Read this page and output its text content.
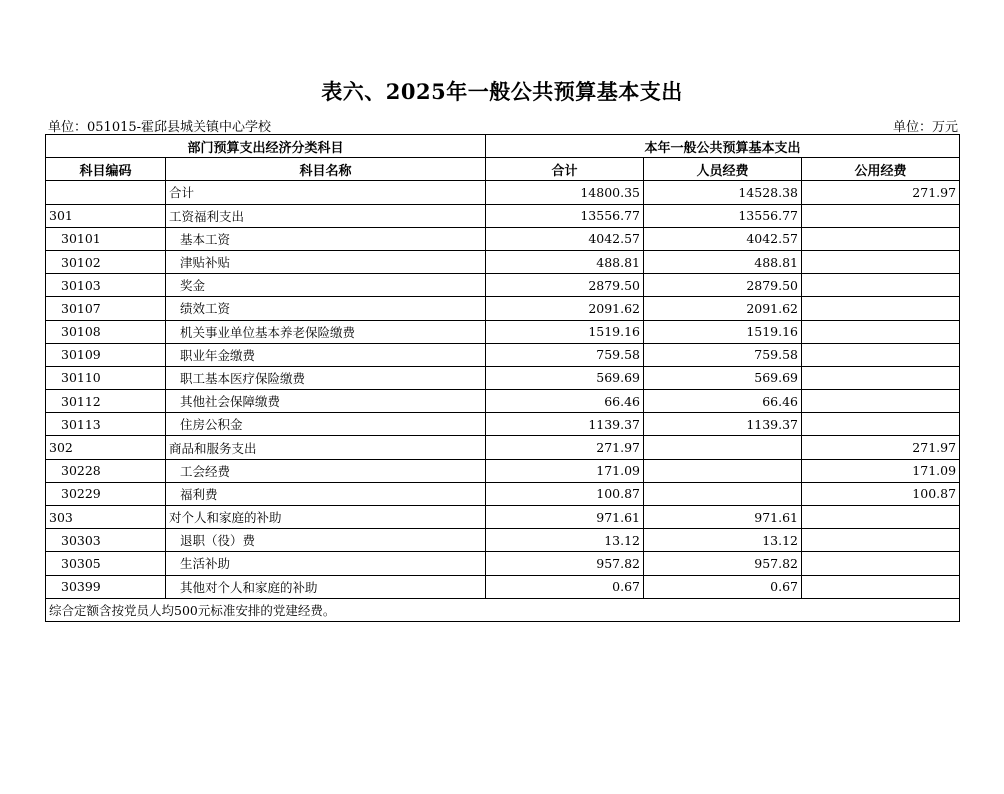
表六、2025年一般公共预算基本支出
单位：051015-霍邱县城关镇中心学校	单位：万元
部门预算支出经济分类科目		本年一般公共预算基本支出		
科目编码	科目名称	合计	人员经费	公用经费
	合计	14800.35	14528.38	271.97
301	工资福利支出	13556.77	13556.77	
30101	基本工资	4042.57	4042.57	
30102	津贴补贴	488.81	488.81	
30103	奖金	2879.50	2879.50	
30107	绩效工资	2091.62	2091.62	
30108	机关事业单位基本养老保险缴费	1519.16	1519.16	
30109	职业年金缴费	759.58	759.58	
30110	职工基本医疗保险缴费	569.69	569.69	
30112	其他社会保障缴费	66.46	66.46	
30113	住房公积金	1139.37	1139.37	
302	商品和服务支出	271.97		271.97
30228	工会经费	171.09		171.09
30229	福利费	100.87		100.87
303	对个人和家庭的补助	971.61	971.61	
30303	退职（役）费	13.12	13.12	
30305	生活补助	957.82	957.82	
30399	其他对个人和家庭的补助	0.67	0.67	
综合定额含按党员人均500元标准安排的党建经费。				
